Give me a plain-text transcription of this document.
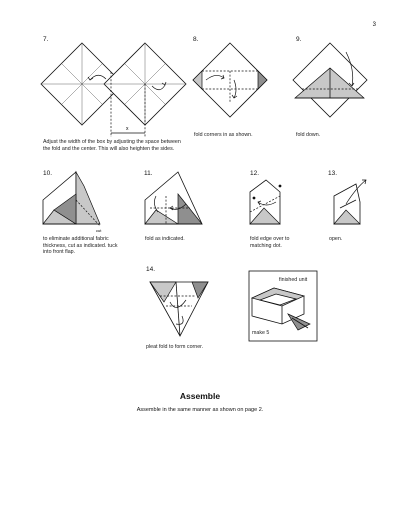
3
7.
x
Adjust the width of the box by adjusting the space between the fold and the center. This will also heighten the sides.
8.
fold corners in as shown.
9.
fold down.
10.
cut
to eliminate additional fabric thickness, cut as indicated. tuck into front flap.
11.
fold as indicated.
12.
fold edge over to matching dot.
13.
open.
14.
pleat fold to form corner.
finished unit
make 5
Assemble
Assemble in the same manner as shown on page 2.
